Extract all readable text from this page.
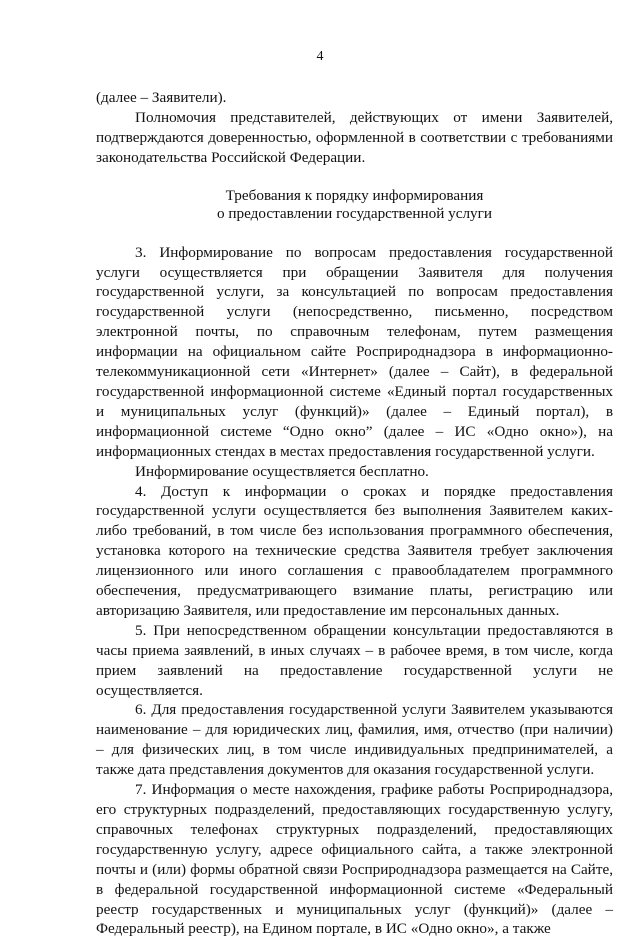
4

(далее – Заявители).

Полномочия представителей, действующих от имени Заявителей, подтверждаются доверенностью, оформленной в соответствии с требованиями законодательства Российской Федерации.

Требования к порядку информирования
о предоставлении государственной услуги

3. Информирование по вопросам предоставления государственной услуги осуществляется при обращении Заявителя для получения государственной услуги, за консультацией по вопросам предоставления государственной услуги (непосредственно, письменно, посредством электронной почты, по справочным телефонам, путем размещения информации на официальном сайте Росприроднадзора в информационно-телекоммуникационной сети «Интернет» (далее – Сайт), в федеральной государственной информационной системе «Единый портал государственных и муниципальных услуг (функций)» (далее – Единый портал), в информационной системе “Одно окно” (далее – ИС «Одно окно»), на информационных стендах в местах предоставления государственной услуги.

Информирование осуществляется бесплатно.

4. Доступ к информации о сроках и порядке предоставления государственной услуги осуществляется без выполнения Заявителем каких-либо требований, в том числе без использования программного обеспечения, установка которого на технические средства Заявителя требует заключения лицензионного или иного соглашения с правообладателем программного обеспечения, предусматривающего взимание платы, регистрацию или авторизацию Заявителя, или предоставление им персональных данных.

5. При непосредственном обращении консультации предоставляются в часы приема заявлений, в иных случаях – в рабочее время, в том числе, когда прием заявлений на предоставление государственной услуги не осуществляется.

6. Для предоставления государственной услуги Заявителем указываются наименование – для юридических лиц, фамилия, имя, отчество (при наличии) – для физических лиц, в том числе индивидуальных предпринимателей, а также дата представления документов для оказания государственной услуги.

7. Информация о месте нахождения, графике работы Росприроднадзора, его структурных подразделений, предоставляющих государственную услугу, справочных телефонах структурных подразделений, предоставляющих государственную услугу, адресе официального сайта, а также электронной почты и (или) формы обратной связи Росприроднадзора размещается на Сайте, в федеральной государственной информационной системе «Федеральный реестр государственных и муниципальных услуг (функций)» (далее – Федеральный реестр), на Едином портале, в ИС «Одно окно», а также
